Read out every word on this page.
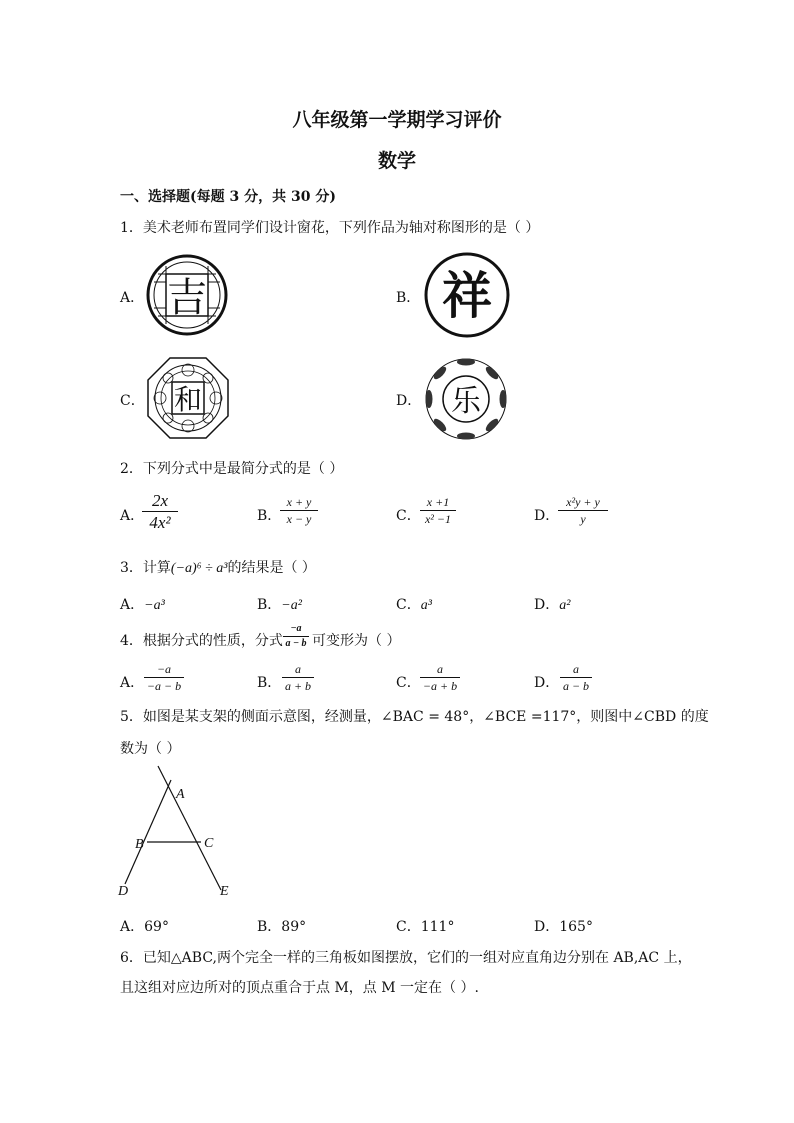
八年级第一学期学习评价
数学
一、选择题(每题 3 分，共 30 分)
1．美术老师布置同学们设计窗花，下列作品为轴对称图形的是（ ）
A． 吉	B． 祥
C． 和	D． 乐
2．下列分式中是最简分式的是（ ）
A．
2x
4x²	B．
x + y
x − y	C．
x +1
x² −1	D．
x²y + y
y
3．计算(−a)⁶ ÷ a³的结果是（ ）
A．−a³	B．−a²	C．a³	D．a²
4．根据分式的性质，分式
−a
a − b 可变形为（ ）
A．
−a
−a − b	B．
a
a + b	C．
a
−a + b	D．
a
a − b
5．如图是某支架的侧面示意图，经测量，∠BAC = 48°，∠BCE =117°，则图中∠CBD 的度
数为（ ）
A
B	C
D	E
A．69°	B．89°	C．111°	D．165°
6．已知△ABC,两个完全一样的三角板如图摆放，它们的一组对应直角边分别在 AB,AC 上，
且这组对应边所对的顶点重合于点 M，点 M 一定在（ ）.
